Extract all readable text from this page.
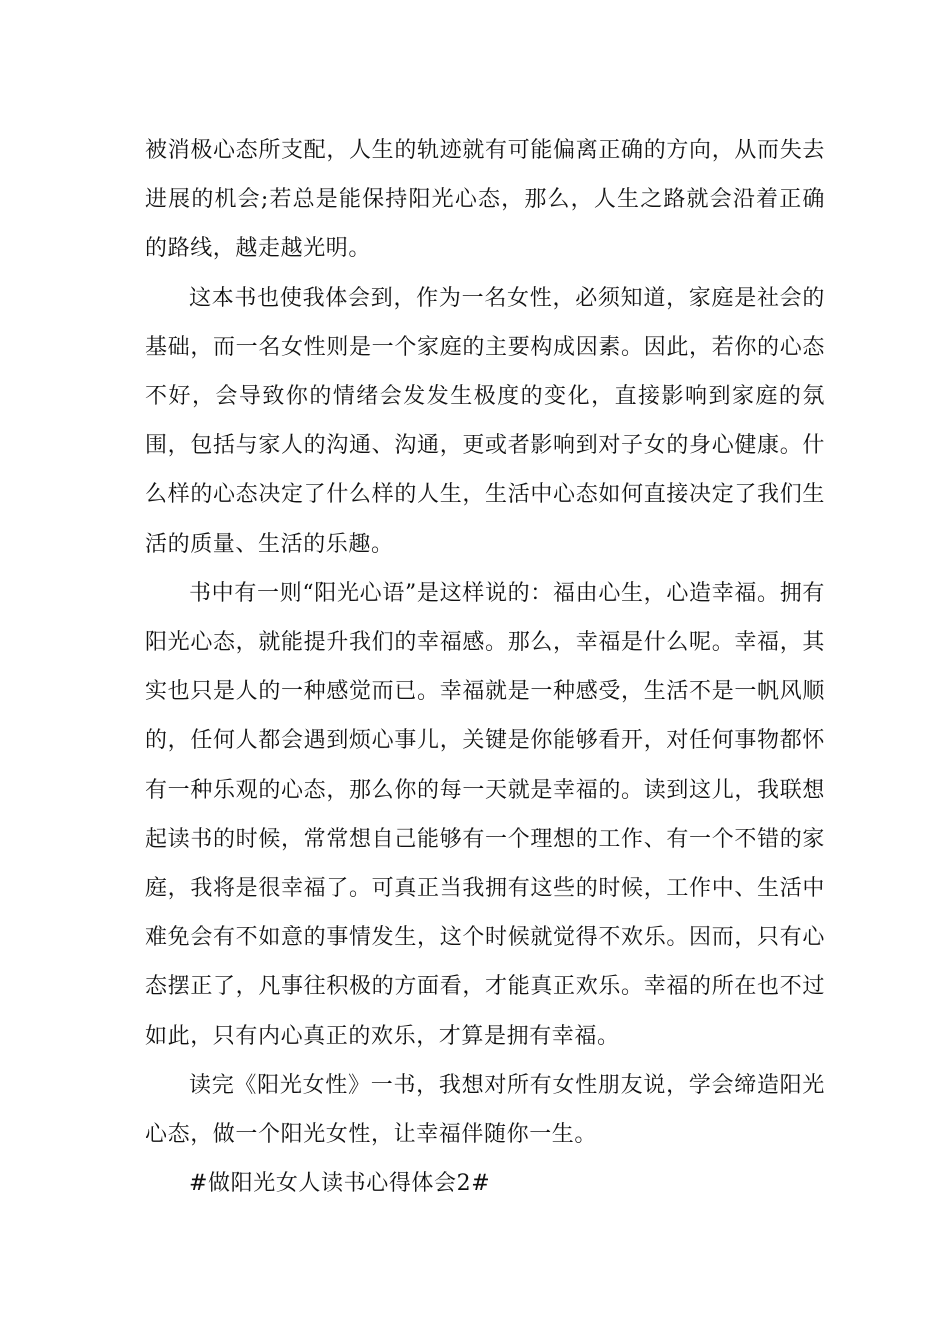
被消极心态所支配，人生的轨迹就有可能偏离正确的方向，从而失去进展的机会;若总是能保持阳光心态，那么，人生之路就会沿着正确的路线，越走越光明。

这本书也使我体会到，作为一名女性，必须知道，家庭是社会的基础，而一名女性则是一个家庭的主要构成因素。因此，若你的心态不好，会导致你的情绪会发发生极度的变化，直接影响到家庭的氛围，包括与家人的沟通、沟通，更或者影响到对子女的身心健康。什么样的心态决定了什么样的人生，生活中心态如何直接决定了我们生活的质量、生活的乐趣。

书中有一则“阳光心语”是这样说的：福由心生，心造幸福。拥有阳光心态，就能提升我们的幸福感。那么，幸福是什么呢。幸福，其实也只是人的一种感觉而已。幸福就是一种感受，生活不是一帆风顺的，任何人都会遇到烦心事儿，关键是你能够看开，对任何事物都怀有一种乐观的心态，那么你的每一天就是幸福的。读到这儿，我联想起读书的时候，常常想自己能够有一个理想的工作、有一个不错的家庭，我将是很幸福了。可真正当我拥有这些的时候，工作中、生活中难免会有不如意的事情发生，这个时候就觉得不欢乐。因而，只有心态摆正了，凡事往积极的方面看，才能真正欢乐。幸福的所在也不过如此，只有内心真正的欢乐，才算是拥有幸福。

读完《阳光女性》一书，我想对所有女性朋友说，学会缔造阳光心态，做一个阳光女性，让幸福伴随你一生。

#做阳光女人读书心得体会2#
